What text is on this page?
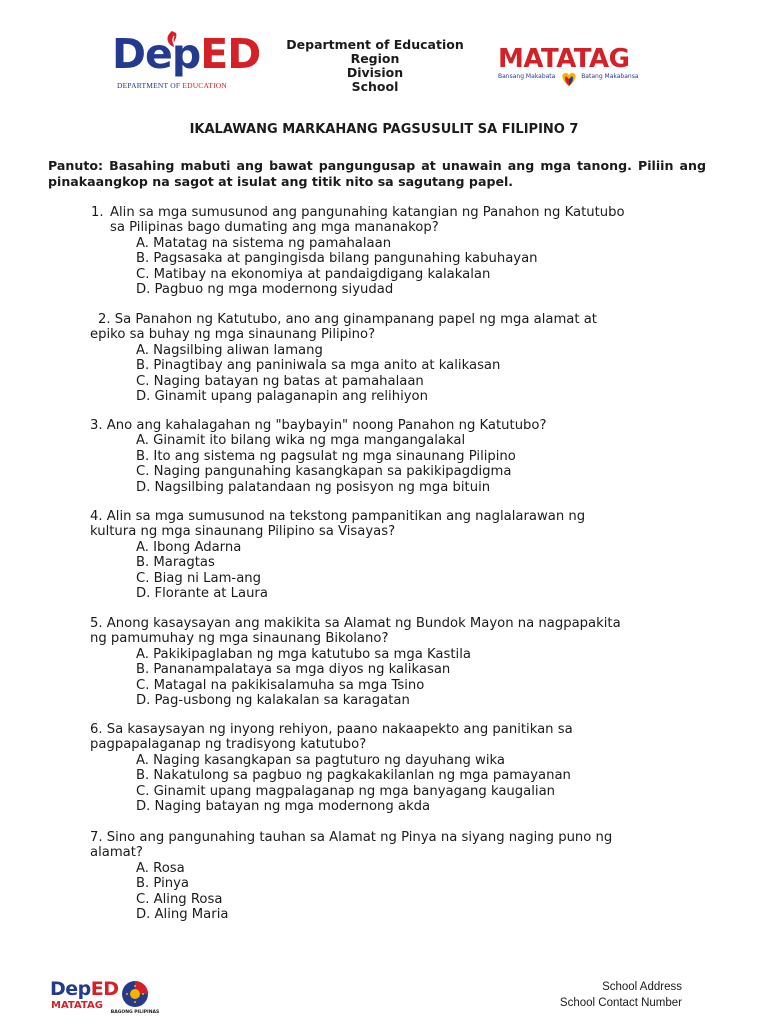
DepED
DEPARTMENT OF EDUCATION
Department of Education
Region
Division
School
MATATAG
Bansang Makabata	Batang Makabansa
IKALAWANG MARKAHANG PAGSUSULIT SA FILIPINO 7
Panuto: Basahing mabuti ang bawat pangungusap at unawain ang mga tanong. Piliin ang pinakaangkop na sagot at isulat ang titik nito sa sagutang papel.
1. Alin sa mga sumusunod ang pangunahing katangian ng Panahon ng Katutubo
sa Pilipinas bago dumating ang mga mananakop?
A. Matatag na sistema ng pamahalaan
B. Pagsasaka at pangingisda bilang pangunahing kabuhayan
C. Matibay na ekonomiya at pandaigdigang kalakalan
D. Pagbuo ng mga modernong siyudad
2. Sa Panahon ng Katutubo, ano ang ginampanang papel ng mga alamat at
epiko sa buhay ng mga sinaunang Pilipino?
A. Nagsilbing aliwan lamang
B. Pinagtibay ang paniniwala sa mga anito at kalikasan
C. Naging batayan ng batas at pamahalaan
D. Ginamit upang palaganapin ang relihiyon
3. Ano ang kahalagahan ng "baybayin" noong Panahon ng Katutubo?
A. Ginamit ito bilang wika ng mga mangangalakal
B. Ito ang sistema ng pagsulat ng mga sinaunang Pilipino
C. Naging pangunahing kasangkapan sa pakikipagdigma
D. Nagsilbing palatandaan ng posisyon ng mga bituin
4. Alin sa mga sumusunod na tekstong pampanitikan ang naglalarawan ng
kultura ng mga sinaunang Pilipino sa Visayas?
A. Ibong Adarna
B. Maragtas
C. Biag ni Lam-ang
D. Florante at Laura
5. Anong kasaysayan ang makikita sa Alamat ng Bundok Mayon na nagpapakita
ng pamumuhay ng mga sinaunang Bikolano?
A. Pakikipaglaban ng mga katutubo sa mga Kastila
B. Pananampalataya sa mga diyos ng kalikasan
C. Matagal na pakikisalamuha sa mga Tsino
D. Pag-usbong ng kalakalan sa karagatan
6. Sa kasaysayan ng inyong rehiyon, paano nakaapekto ang panitikan sa
pagpapalaganap ng tradisyong katutubo?
A. Naging kasangkapan sa pagtuturo ng dayuhang wika
B. Nakatulong sa pagbuo ng pagkakakilanlan ng mga pamayanan
C. Ginamit upang magpalaganap ng mga banyagang kaugalian
D. Naging batayan ng mga modernong akda
7. Sino ang pangunahing tauhan sa Alamat ng Pinya na siyang naging puno ng
alamat?
A. Rosa
B. Pinya
C. Aling Rosa
D. Aling Maria
DepED
MATATAG
BAGONG PILIPINAS
School Address
School Contact Number
